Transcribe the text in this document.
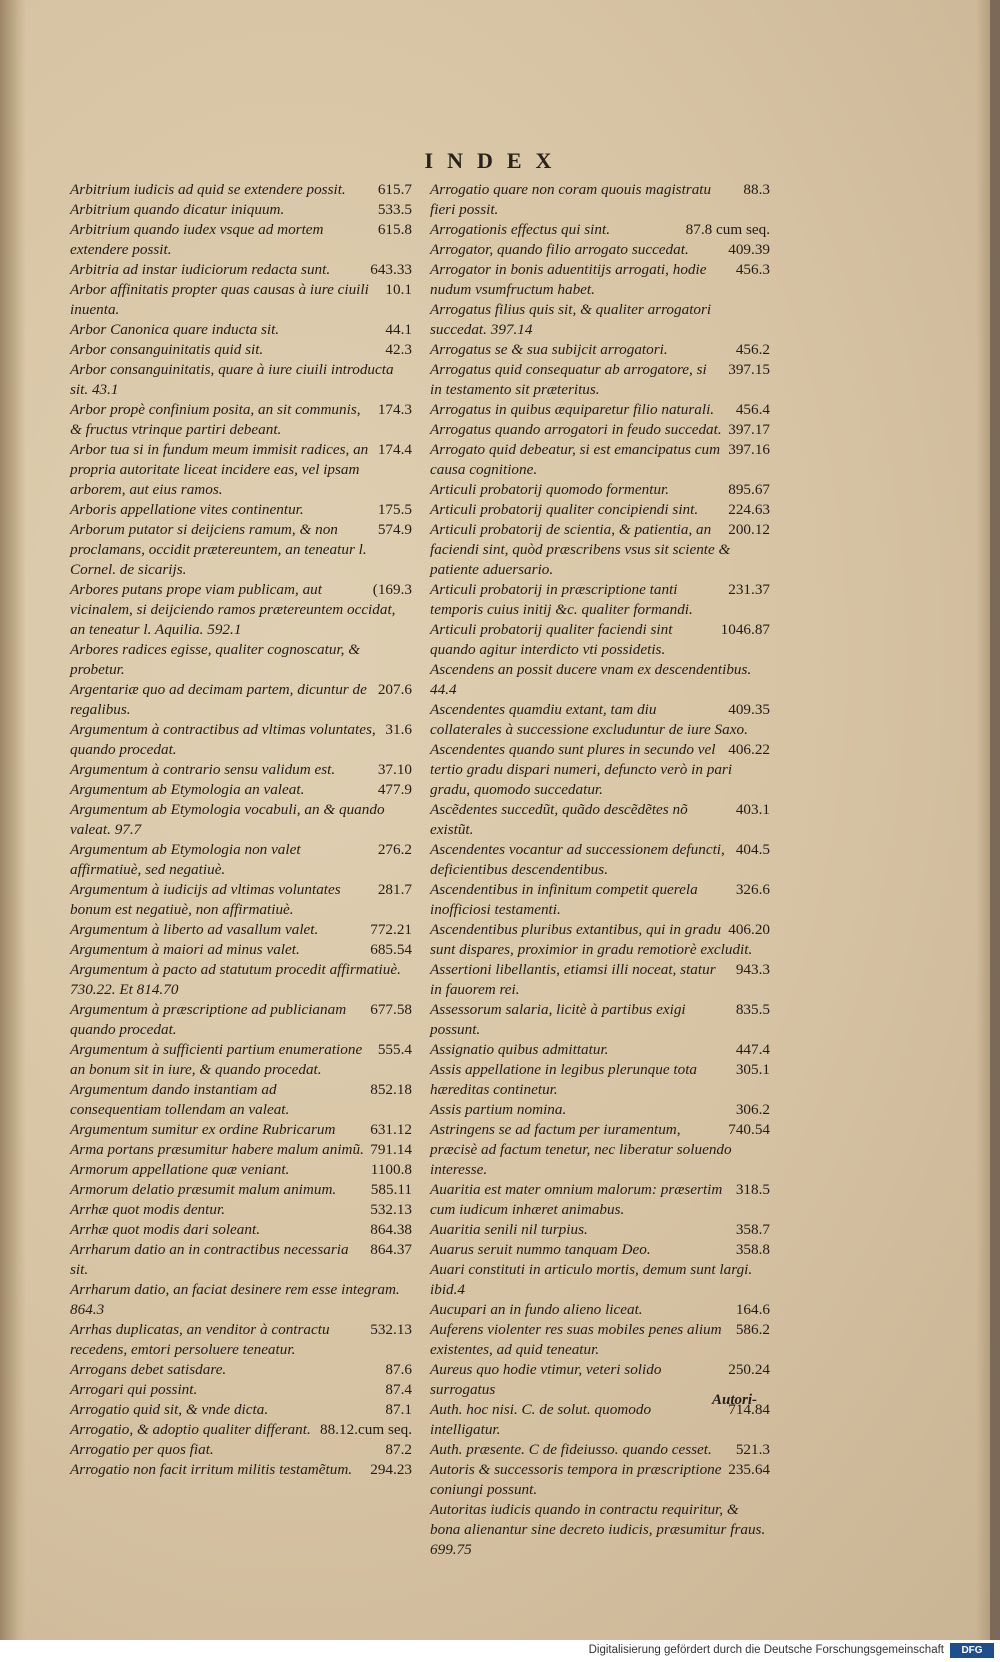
INDEX
615.7
Arbitrium iudicis ad quid se extendere possit.
533.5
Arbitrium quando dicatur iniquum.
615.8
Arbitrium quando iudex vsque ad mortem extendere possit.
643.33
Arbitria ad instar iudiciorum redacta sunt.
10.1
Arbor affinitatis propter quas causas à iure ciuili inuenta.
44.1
Arbor Canonica quare inducta sit.
42.3
Arbor consanguinitatis quid sit.
Arbor consanguinitatis, quare à iure ciuili introducta sit. 43.1
174.3
Arbor propè confinium posita, an sit communis, & fructus vtrinque partiri debeant.
174.4
Arbor tua si in fundum meum immisit radices, an propria autoritate liceat incidere eas, vel ipsam arborem, aut eius ramos.
175.5
Arboris appellatione vites continentur.
574.9
Arborum putator si deijciens ramum, & non proclamans, occidit prætereuntem, an teneatur l. Cornel. de sicarijs.
(169.3
Arbores putans prope viam publicam, aut vicinalem, si deijciendo ramos prætereuntem occidat, an teneatur l. Aquilia. 592.1
Arbores radices egisse, qualiter cognoscatur, & probetur.
207.6
Argentariæ quo ad decimam partem, dicuntur de regalibus.
31.6
Argumentum à contractibus ad vltimas voluntates, quando procedat.
37.10
Argumentum à contrario sensu validum est.
477.9
Argumentum ab Etymologia an valeat.
Argumentum ab Etymologia vocabuli, an & quando valeat. 97.7
276.2
Argumentum ab Etymologia non valet affirmatiuè, sed negatiuè.
281.7
Argumentum à iudicijs ad vltimas voluntates bonum est negatiuè, non affirmatiuè.
772.21
Argumentum à liberto ad vasallum valet.
685.54
Argumentum à maiori ad minus valet.
Argumentum à pacto ad statutum procedit affirmatiuè. 730.22. Et 814.70
677.58
Argumentum à præscriptione ad publicianam quando procedat.
555.4
Argumentum à sufficienti partium enumeratione an bonum sit in iure, & quando procedat.
852.18
Argumentum dando instantiam ad consequentiam tollendam an valeat.
631.12
Argumentum sumitur ex ordine Rubricarum
791.14
Arma portans præsumitur habere malum animũ.
1100.8
Armorum appellatione quæ veniant.
585.11
Armorum delatio præsumit malum animum.
532.13
Arrhæ quot modis dentur.
864.38
Arrhæ quot modis dari soleant.
864.37
Arrharum datio an in contractibus necessaria sit.
Arrharum datio, an faciat desinere rem esse integram. 864.3
532.13
Arrhas duplicatas, an venditor à contractu recedens, emtori persoluere teneatur.
87.6
Arrogans debet satisdare.
87.4
Arrogari qui possint.
87.1
Arrogatio quid sit, & vnde dicta.
88.12.cum seq.
Arrogatio, & adoptio qualiter differant.
87.2
Arrogatio per quos fiat.
294.23
Arrogatio non facit irritum militis testamẽtum.
88.3
Arrogatio quare non coram quouis magistratu fieri possit.
87.8 cum seq.
Arrogationis effectus qui sint.
409.39
Arrogator, quando filio arrogato succedat.
456.3
Arrogator in bonis aduentitijs arrogati, hodie nudum vsumfructum habet.
Arrogatus filius quis sit, & qualiter arrogatori succedat. 397.14
456.2
Arrogatus se & sua subijcit arrogatori.
397.15
Arrogatus quid consequatur ab arrogatore, si in testamento sit præteritus.
456.4
Arrogatus in quibus æquiparetur filio naturali.
397.17
Arrogatus quando arrogatori in feudo succedat.
397.16
Arrogato quid debeatur, si est emancipatus cum causa cognitione.
895.67
Articuli probatorij quomodo formentur.
224.63
Articuli probatorij qualiter concipiendi sint.
200.12
Articuli probatorij de scientia, & patientia, an faciendi sint, quòd præscribens vsus sit sciente & patiente aduersario.
231.37
Articuli probatorij in præscriptione tanti temporis cuius initij &c. qualiter formandi.
1046.87
Articuli probatorij qualiter faciendi sint quando agitur interdicto vti possidetis.
Ascendens an possit ducere vnam ex descendentibus. 44.4
409.35
Ascendentes quamdiu extant, tam diu collaterales à successione excluduntur de iure Saxo.
406.22
Ascendentes quando sunt plures in secundo vel tertio gradu dispari numeri, defuncto verò in pari gradu, quomodo succedatur.
403.1
Ascẽdentes succedũt, quãdo descẽdẽtes nõ existũt.
404.5
Ascendentes vocantur ad successionem defuncti, deficientibus descendentibus.
326.6
Ascendentibus in infinitum competit querela inofficiosi testamenti.
406.20
Ascendentibus pluribus extantibus, qui in gradu sunt dispares, proximior in gradu remotiorè excludit.
943.3
Assertioni libellantis, etiamsi illi noceat, statur in fauorem rei.
835.5
Assessorum salaria, licitè à partibus exigi possunt.
447.4
Assignatio quibus admittatur.
305.1
Assis appellatione in legibus plerunque tota hæreditas continetur.
306.2
Assis partium nomina.
740.54
Astringens se ad factum per iuramentum, præcisè ad factum tenetur, nec liberatur soluendo interesse.
318.5
Auaritia est mater omnium malorum: præsertim cum iudicum inhæret animabus.
358.7
Auaritia senili nil turpius.
358.8
Auarus seruit nummo tanquam Deo.
Auari constituti in articulo mortis, demum sunt largi. ibid.4
164.6
Aucupari an in fundo alieno liceat.
586.2
Auferens violenter res suas mobiles penes alium existentes, ad quid teneatur.
250.24
Aureus quo hodie vtimur, veteri solido surrogatus
714.84
Auth. hoc nisi. C. de solut. quomodo intelligatur.
521.3
Auth. præsente. C de fideiusso. quando cesset.
235.64
Autoris & successoris tempora in præscriptione coniungi possunt.
Autoritas iudicis quando in contractu requiritur, & bona alienantur sine decreto iudicis, præsumitur fraus. 699.75
Autori-
Digitalisierung gefördert durch die Deutsche Forschungsgemeinschaft	DFG
